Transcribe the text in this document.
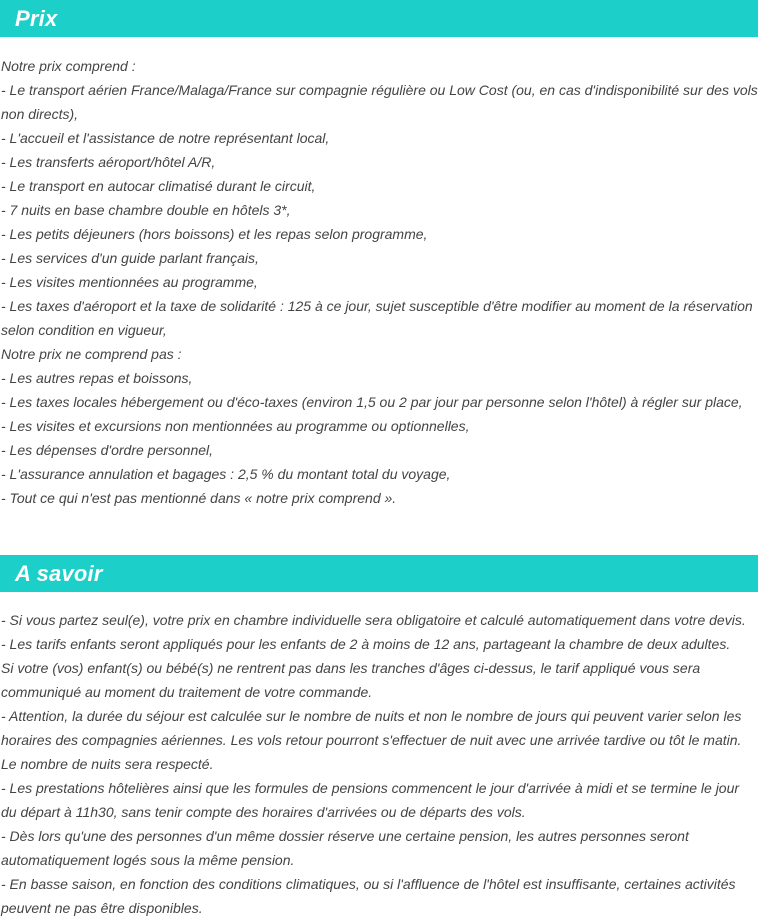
Prix
Notre prix comprend :
- Le transport aérien France/Malaga/France sur compagnie régulière ou Low Cost (ou, en cas d'indisponibilité sur des vols non directs),
- L'accueil et l'assistance de notre représentant local,
- Les transferts aéroport/hôtel A/R,
- Le transport en autocar climatisé durant le circuit,
- 7 nuits en base chambre double en hôtels 3*,
- Les petits déjeuners (hors boissons) et les repas selon programme,
- Les services d'un guide parlant français,
- Les visites mentionnées au programme,
- Les taxes d'aéroport et la taxe de solidarité : 125 à ce jour, sujet susceptible d'être modifier au moment de la réservation selon condition en vigueur,
Notre prix ne comprend pas :
- Les autres repas et boissons,
- Les taxes locales hébergement ou d'éco-taxes (environ 1,5 ou 2 par jour par personne selon l'hôtel) à régler sur place,
- Les visites et excursions non mentionnées au programme ou optionnelles,
- Les dépenses d'ordre personnel,
- L'assurance annulation et bagages : 2,5 % du montant total du voyage,
- Tout ce qui n'est pas mentionné dans « notre prix comprend ».
A savoir
- Si vous partez seul(e), votre prix en chambre individuelle sera obligatoire et calculé automatiquement dans votre devis.
- Les tarifs enfants seront appliqués pour les enfants de 2 à moins de 12 ans, partageant la chambre de deux adultes.
Si votre (vos) enfant(s) ou bébé(s) ne rentrent pas dans les tranches d'âges ci-dessus, le tarif appliqué vous sera communiqué au moment du traitement de votre commande.
- Attention, la durée du séjour est calculée sur le nombre de nuits et non le nombre de jours qui peuvent varier selon les horaires des compagnies aériennes. Les vols retour pourront s'effectuer de nuit avec une arrivée tardive ou tôt le matin. Le nombre de nuits sera respecté.
- Les prestations hôtelières ainsi que les formules de pensions commencent le jour d'arrivée à midi et se termine le jour du départ à 11h30, sans tenir compte des horaires d'arrivées ou de départs des vols.
- Dès lors qu'une des personnes d'un même dossier réserve une certaine pension, les autres personnes seront automatiquement logés sous la même pension.
- En basse saison, en fonction des conditions climatiques, ou si l'affluence de l'hôtel est insuffisante, certaines activités peuvent ne pas être disponibles.
